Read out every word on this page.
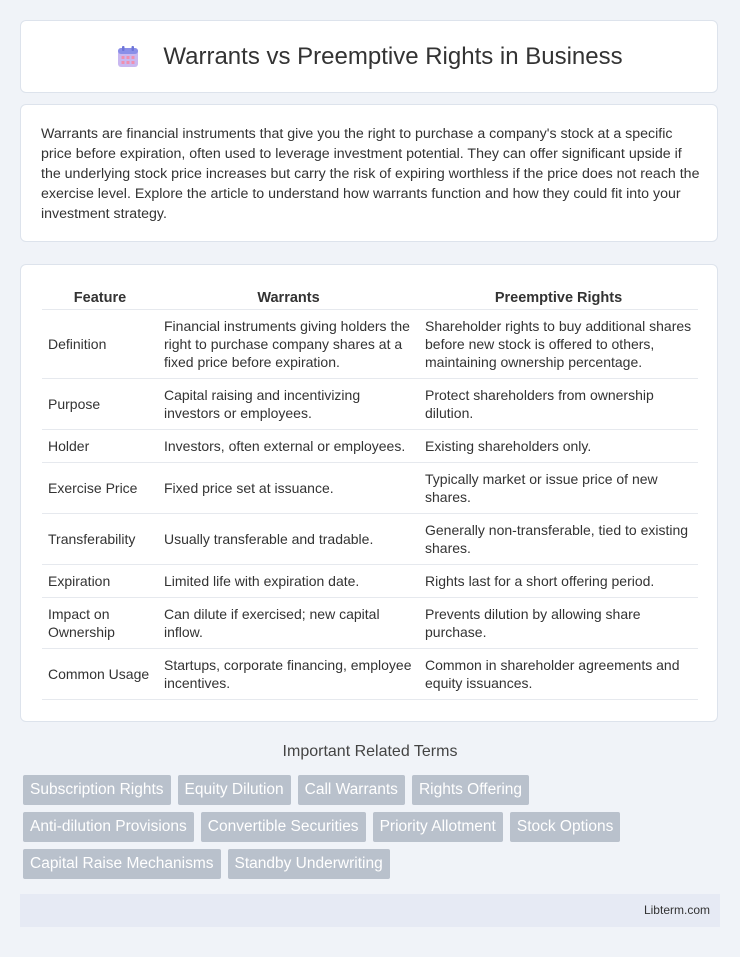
Warrants vs Preemptive Rights in Business

Warrants are financial instruments that give you the right to purchase a company's stock at a specific price before expiration, often used to leverage investment potential. They can offer significant upside if the underlying stock price increases but carry the risk of expiring worthless if the price does not reach the exercise level. Explore the article to understand how warrants function and how they could fit into your investment strategy.

Feature	Warrants	Preemptive Rights
Definition	Financial instruments giving holders the right to purchase company shares at a fixed price before expiration.	Shareholder rights to buy additional shares before new stock is offered to others, maintaining ownership percentage.
Purpose	Capital raising and incentivizing investors or employees.	Protect shareholders from ownership dilution.
Holder	Investors, often external or employees.	Existing shareholders only.
Exercise Price	Fixed price set at issuance.	Typically market or issue price of new shares.
Transferability	Usually transferable and tradable.	Generally non-transferable, tied to existing shares.
Expiration	Limited life with expiration date.	Rights last for a short offering period.
Impact on Ownership	Can dilute if exercised; new capital inflow.	Prevents dilution by allowing share purchase.
Common Usage	Startups, corporate financing, employee incentives.	Common in shareholder agreements and equity issuances.
Important Related Terms
Subscription Rights	Equity Dilution	Call Warrants	Rights Offering
Anti-dilution Provisions	Convertible Securities	Priority Allotment	Stock Options
Capital Raise Mechanisms	Standby Underwriting
Libterm.com
